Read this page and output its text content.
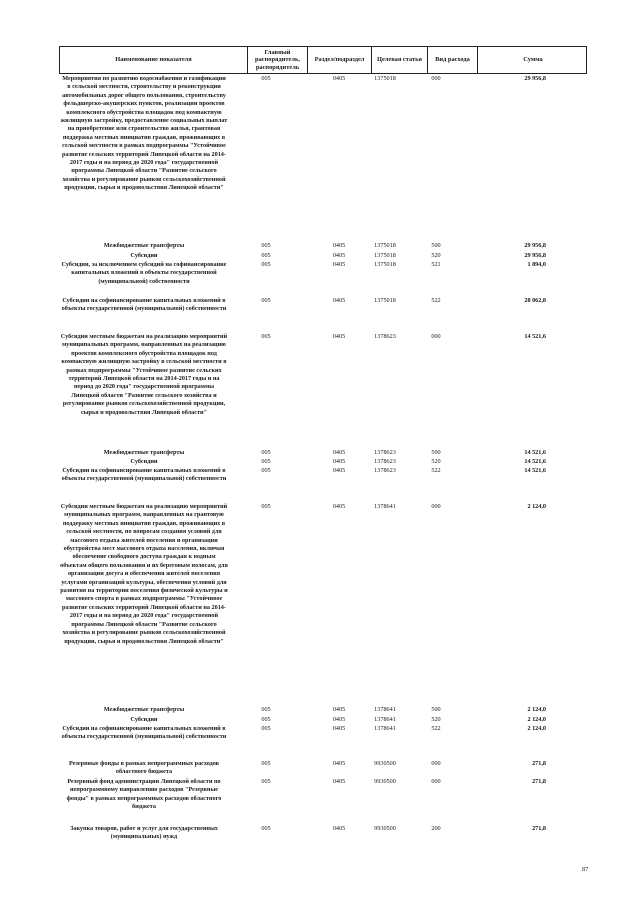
Наименование показателя
Главный распорядитель, распорядитель
Раздел/подраздел	Целевая статья	Вид расхода	Сумма
Мероприятия по развитию водоснабжения и газификации в сельской местности, строительству и реконструкции автомобильных дорог общего пользования, строительству фельдшерско-акушерских пунктов, реализации проектов комплексного обустройства площадок под компактную жилищную застройку, предоставление социальных выплат на приобретение или строительство жилья, грантовая поддержка местных инициатив граждан, проживающих в сельской местности в рамках подпрограммы "Устойчивое развитие сельских территорий Липецкой области на 2014-2017 годы и на период до 2020 года" государственной программы Липецкой области "Развитие сельского хозяйства и регулирование рынков сельскохозяйственной продукции, сырья и продовольствия Липецкой области"
005	0405	1375018	000	29 956,8
Межбюджетные трансферты	005	0405	1375018	500	29 956,8
Субсидии	005	0405	1375018	520	29 956,8
Субсидии, за исключением субсидий на софинансирование капитальных вложений в объекты государственной (муниципальной) собственности
005	0405	1375018	521	1 894,0
Субсидии на софинансирование капитальных вложений в объекты государственной (муниципальной) собственности
005	0405	1375018	522	28 062,8
Субсидии местным бюджетам на реализацию мероприятий муниципальных программ, направленных на реализацию проектов комплексного обустройства площадок под компактную жилищную застройку в сельской местности в рамках подпрограммы "Устойчивое развитие сельских территорий Липецкой области на 2014-2017 годы и на период до 2020 года" государственной программы Липецкой области "Развитие сельского хозяйства и регулирование рынков сельскохозяйственной продукции, сырья и продовольствия Липецкой области"
005	0405	1378623	000	14 521,6
Межбюджетные трансферты	005	0405	1378623	500	14 521,6
Субсидии	005	0405	1378623	520	14 521,6
Субсидии на софинансирование капитальных вложений в объекты государственной (муниципальной) собственности
005	0405	1378623	522	14 521,6
Субсидии местным бюджетам на реализацию мероприятий муниципальных программ, направленных на грантовую поддержку местных инициатив граждан, проживающих в сельской местности, по вопросам создания условий для массового отдыха жителей поселения и организации обустройства мест массового отдыха населения, включая обеспечение свободного доступа граждан к водным объектам общего пользования и их береговым полосам, для организации досуга и обеспечения жителей поселения услугами организаций культуры, обеспечения условий для развития на территории поселения физической культуры и массового спорта в рамках подпрограммы "Устойчивое развитие сельских территорий Липецкой области на 2014-2017 годы и на период до 2020 года" государственной программы Липецкой области "Развитие сельского хозяйства и регулирование рынков сельскохозяйственной продукции, сырья и продовольствия Липецкой области"
005	0405	1378641	000	2 124,0
Межбюджетные трансферты	005	0405	1378641	500	2 124,0
Субсидии	005	0405	1378641	520	2 124,0
Субсидии на софинансирование капитальных вложений в объекты государственной (муниципальной) собственности
005	0405	1378641	522	2 124,0
Резервные фонды в рамках непрограммных расходов областного бюджета
005	0405	9930500	000	271,8
Резервный фонд администрации Липецкой области по непрограммному направлению расходов "Резервные фонды" в рамках непрограммных расходов областного бюджета
005	0405	9930500	000	271,8
Закупка товаров, работ и услуг для государственных (муниципальных) нужд
005	0405	9930500	200	271,8
87
